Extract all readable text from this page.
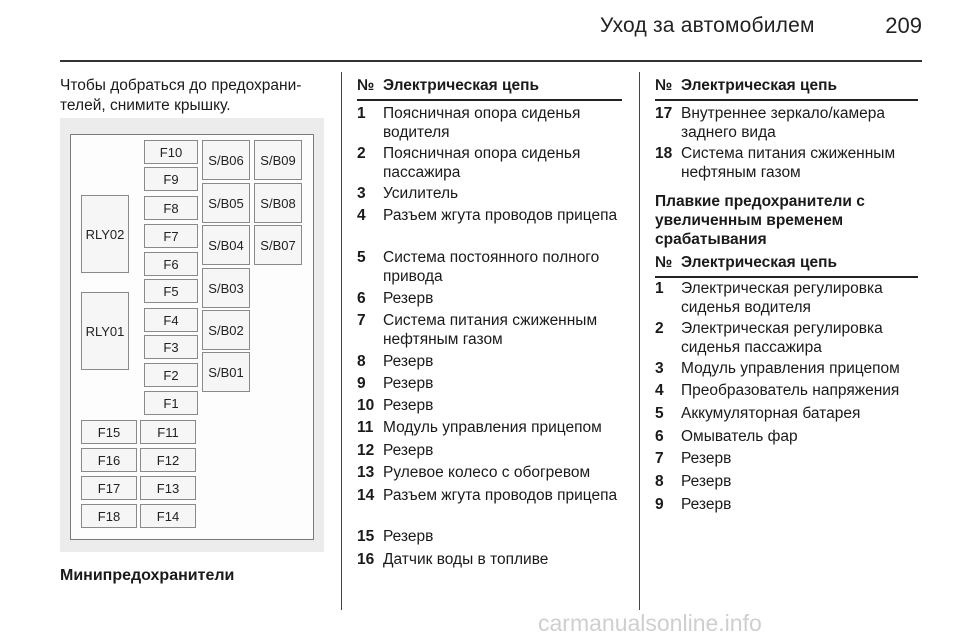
Уход за автомобилем	209
Чтобы добраться до предохрани-
телей, снимите крышку.
RLY02
RLY01
F10
F9
F8
F7
F6
F5
F4
F3
F2
F1
S/B06
S/B05
S/B04
S/B03
S/B02
S/B01
S/B09
S/B08
S/B07
F15
F16
F17
F18
F11
F12
F13
F14
Минипредохранители
№ Электрическая цепь
1	Поясничная опора сиденья водителя
2	Поясничная опора сиденья пассажира
3	Усилитель
4	Разъем жгута проводов прицепа
5	Система постоянного полного привода
6	Резерв
7	Система питания сжиженным нефтяным газом
8	Резерв
9	Резерв
10 Резерв
11 Модуль управления прицепом
12 Резерв
13 Рулевое колесо с обогревом
14 Разъем жгута проводов прицепа
15 Резерв
16 Датчик воды в топливе
№ Электрическая цепь
17 Внутреннее зеркало/камера заднего вида
18 Система питания сжиженным нефтяным газом
Плавкие предохранители с увеличенным временем срабатывания
№ Электрическая цепь
1	Электрическая регулировка сиденья водителя
2	Электрическая регулировка сиденья пассажира
3	Модуль управления прицепом
4	Преобразователь напряжения
5	Аккумуляторная батарея
6	Омыватель фар
7	Резерв
8	Резерв
9	Резерв
carmanualsonline.info
